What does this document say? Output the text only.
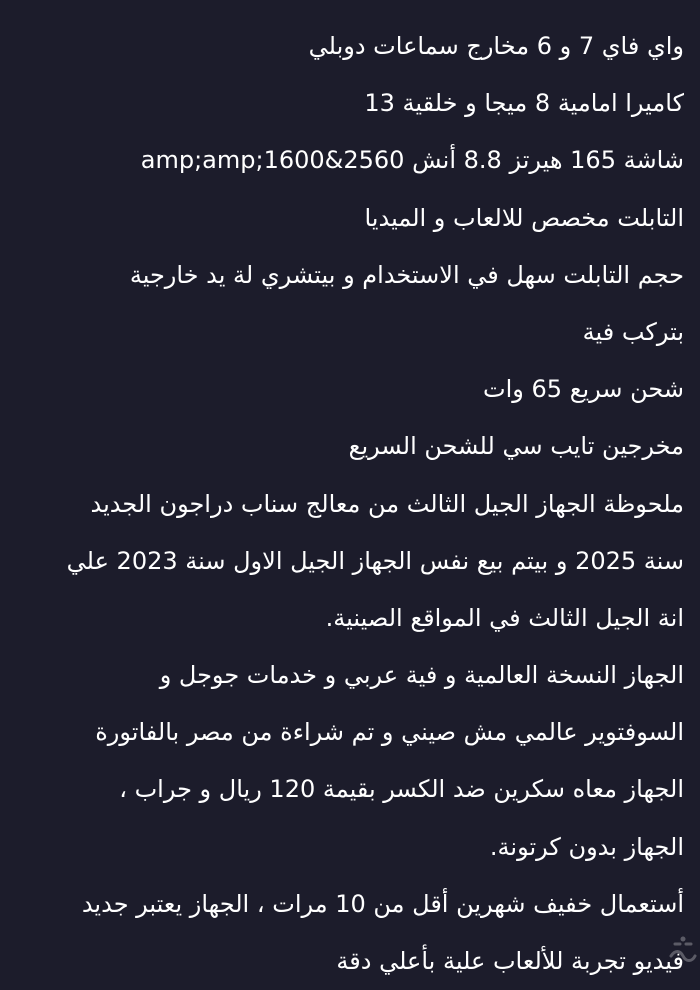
واي فاي 7 و 6 مخارج سماعات دوبلي
كاميرا امامية 8 ميجا و خلقية 13
شاشة 165 هيرتز 8.8 أنش amp;amp;1600&2560
التابلت مخصص للالعاب و الميديا
حجم التابلت سهل في الاستخدام و بيتشري لة يد خارجية
بتركب فية
شحن سريع 65 وات
مخرجين تايب سي للشحن السريع
ملحوظة الجهاز الجيل الثالث من معالج سناب دراجون الجديد
سنة 2025 و بيتم بيع نفس الجهاز الجيل الاول سنة 2023 علي
انة الجيل الثالث في المواقع الصينية.
الجهاز النسخة العالمية و فية عربي و خدمات جوجل و
السوفتوير عالمي مش صيني و تم شراءة من مصر بالفاتورة
الجهاز معاه سكرين ضد الكسر بقيمة 120 ريال و جراب ،
الجهاز بدون كرتونة.
أستعمال خفيف شهرين أقل من 10 مرات ، الجهاز يعتبر جديد
فيديو تجربة للألعاب علية بأعلي دقة
